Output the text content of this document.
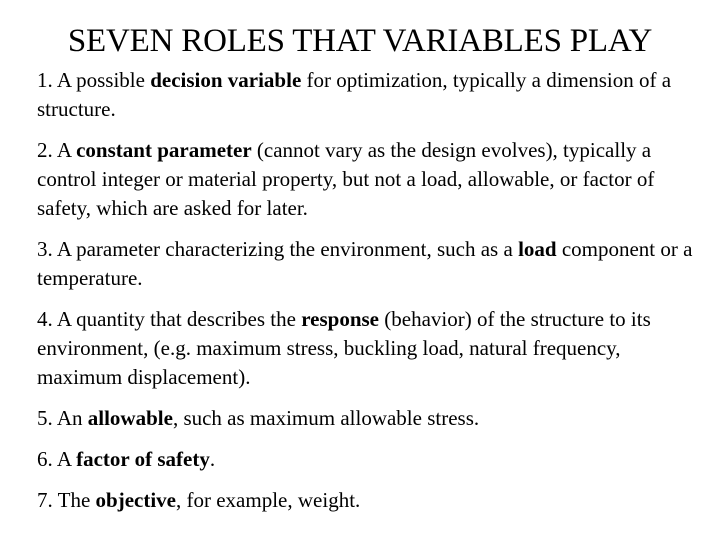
SEVEN ROLES THAT VARIABLES PLAY
1. A possible decision variable for optimization, typically a dimension of a structure.
2. A constant parameter (cannot vary as the design evolves), typically a control integer or material property, but not a load, allowable, or factor of safety, which are asked for later.
3. A parameter characterizing the environment, such as a load component or a temperature.
4. A quantity that describes the response (behavior) of the structure to its environment, (e.g. maximum stress, buckling load, natural frequency, maximum displacement).
5. An allowable, such as maximum allowable stress.
6. A factor of safety.
7. The objective, for example, weight.
